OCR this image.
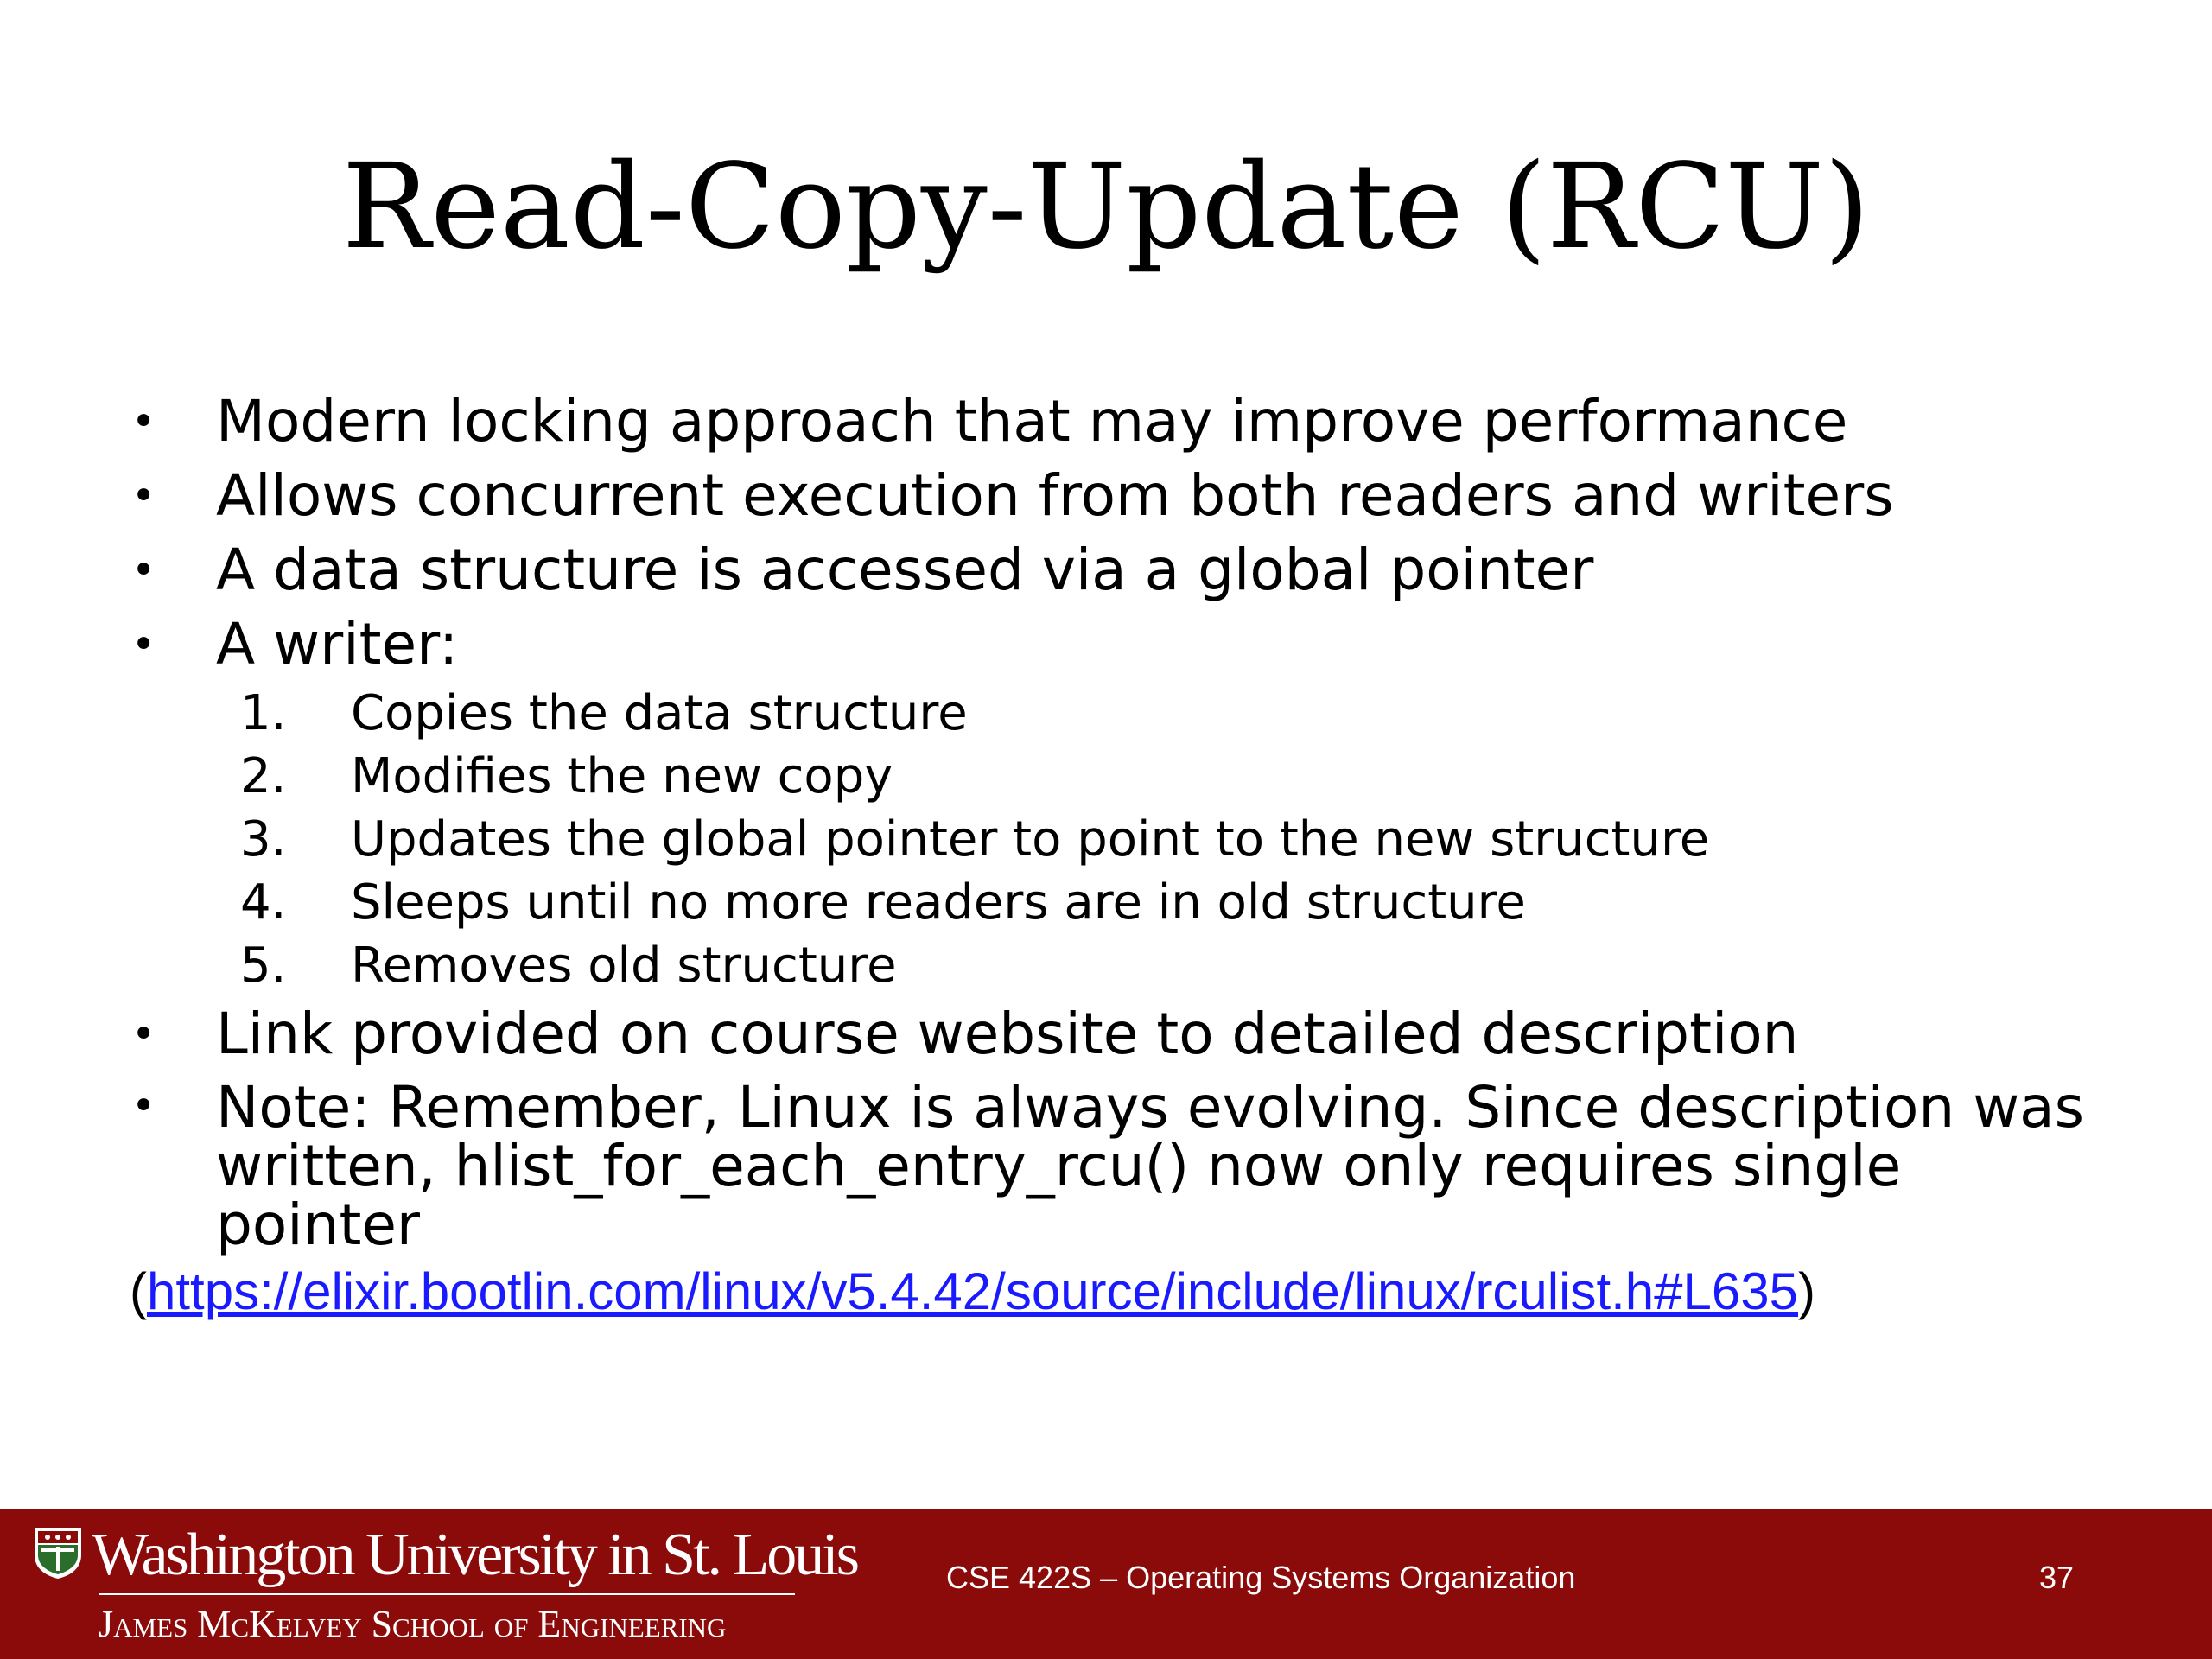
Read-Copy-Update (RCU)
• Modern locking approach that may improve performance
• Allows concurrent execution from both readers and writers
• A data structure is accessed via a global pointer
• A writer:
1. Copies the data structure
2. Modifies the new copy
3. Updates the global pointer to point to the new structure
4. Sleeps until no more readers are in old structure
5. Removes old structure
• Link provided on course website to detailed description
• Note: Remember, Linux is always evolving. Since description was written, hlist_for_each_entry_rcu() now only requires single pointer
(https://elixir.bootlin.com/linux/v5.4.42/source/include/linux/rculist.h#L635)
Washington University in St. Louis
James McKelvey School of Engineering
CSE 422S – Operating Systems Organization	37
